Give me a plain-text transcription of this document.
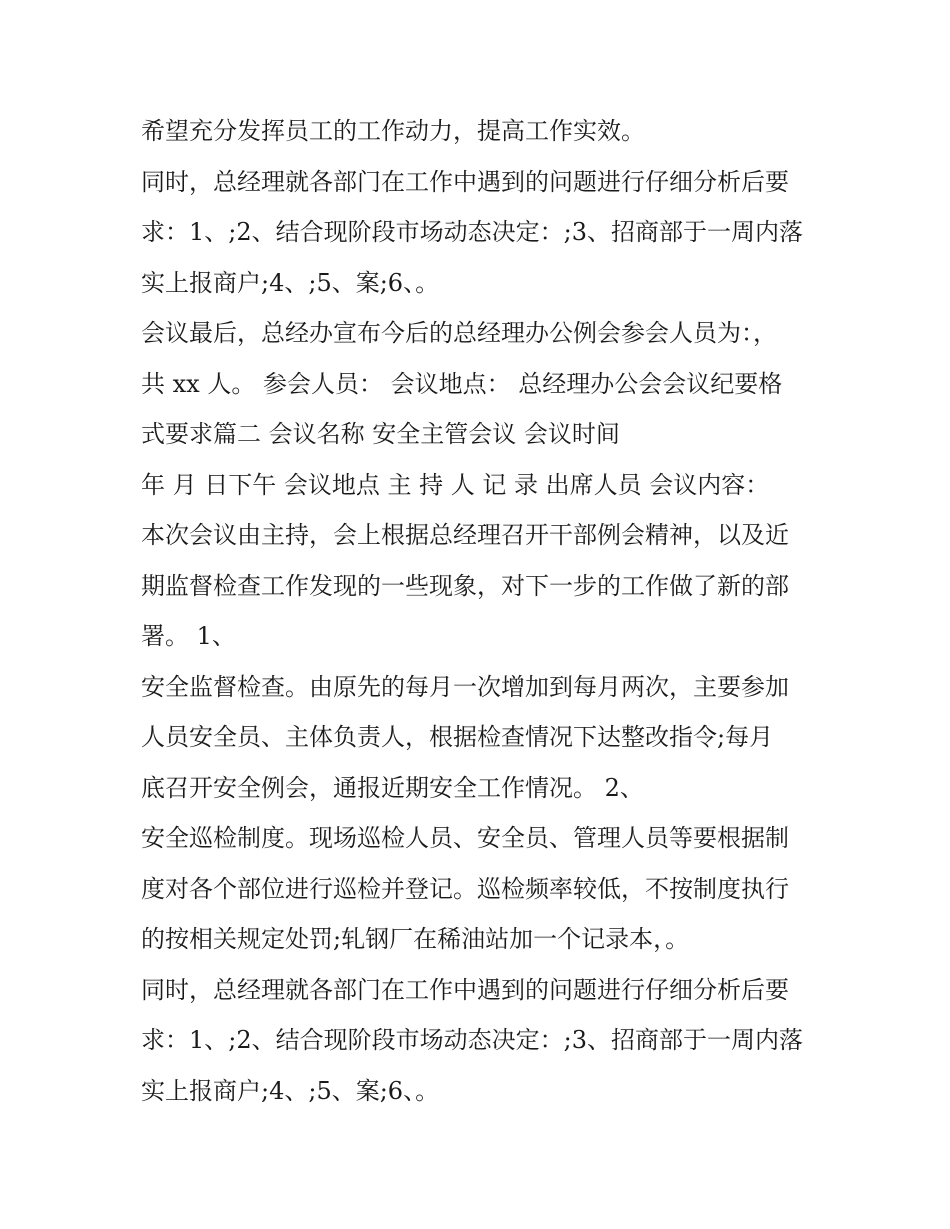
希望充分发挥员工的工作动力，提高工作实效。
同时，总经理就各部门在工作中遇到的问题进行仔细分析后要
求：1、;2、结合现阶段市场动态决定：;3、招商部于一周内落
实上报商户;4、;5、案;6、。
会议最后，总经办宣布今后的总经理办公例会参会人员为：，
共 xx 人。 参会人员： 会议地点： 总经理办公会会议纪要格
式要求篇二 会议名称 安全主管会议 会议时间
年 月 日下午 会议地点 主 持 人 记 录 出席人员 会议内容：
本次会议由主持，会上根据总经理召开干部例会精神，以及近
期监督检查工作发现的一些现象，对下一步的工作做了新的部
署。 1、
安全监督检查。由原先的每月一次增加到每月两次，主要参加
人员安全员、主体负责人，根据检查情况下达整改指令;每月
底召开安全例会，通报近期安全工作情况。 2、
安全巡检制度。现场巡检人员、安全员、管理人员等要根据制
度对各个部位进行巡检并登记。巡检频率较低，不按制度执行
的按相关规定处罚;轧钢厂在稀油站加一个记录本，。
同时，总经理就各部门在工作中遇到的问题进行仔细分析后要
求：1、;2、结合现阶段市场动态决定：;3、招商部于一周内落
实上报商户;4、;5、案;6、。
